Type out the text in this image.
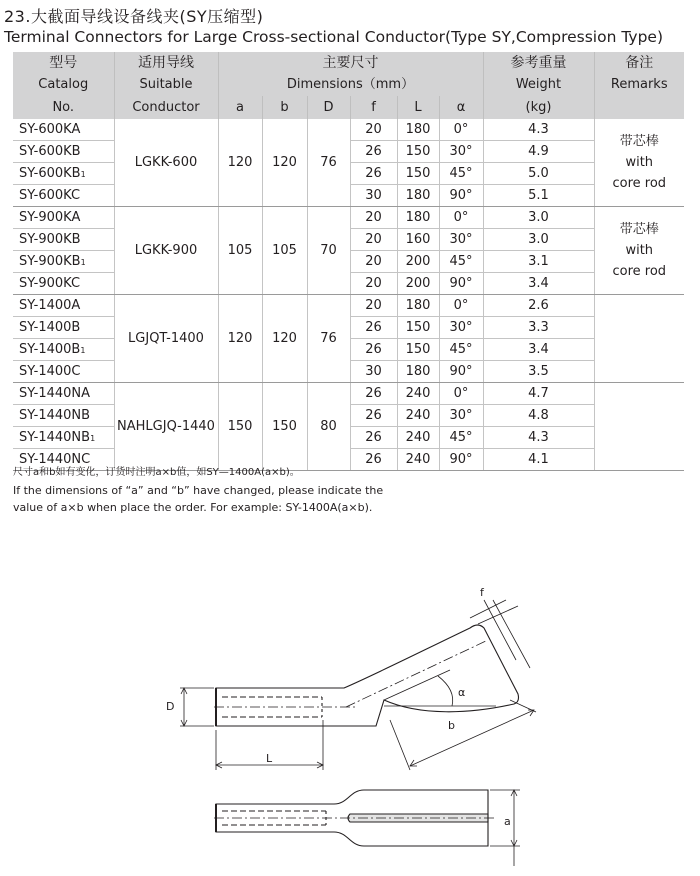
23.大截面导线设备线夹(SY压缩型)
Terminal Connectors for Large Cross-sectional Conductor(Type SY,Compression Type)
型号	适用导线	主要尺寸						参考重量	备注
Catalog	Suitable	Dimensions（mm）						Weight	Remarks
No.	Conductor	a	b	D	f	L	α	(kg)	
SY-600KA	LGKK-600	120	120	76	20	180	0°	4.3	带芯棒
with
core rod

SY-600KB					26	150	30°	4.9	
SY-600KB1					26	150	45°	5.0	
SY-600KC					30	180	90°	5.1	
SY-900KA	LGKK-900	105	105	70	20	180	0°	3.0	带芯棒
with
core rod

SY-900KB					20	160	30°	3.0	
SY-900KB1					20	200	45°	3.1	
SY-900KC					20	200	90°	3.4	
SY-1400A	LGJQT-1400	120	120	76	20	180	0°	2.6	

SY-1400B					26	150	30°	3.3	
SY-1400B1					26	150	45°	3.4	
SY-1400C					30	180	90°	3.5	
SY-1440NA	NAHLGJQ-1440	150	150	80	26	240	0°	4.7	

SY-1440NB					26	240	30°	4.8	
SY-1440NB1					26	240	45°	4.3	
SY-1440NC					26	240	90°	4.1	
尺寸a和b如有变化，订货时注明a×b值，如SY—1400A(a×b)。
If the dimensions of “a” and “b” have changed, please indicate the value of a×b when place the order. For example: SY-1400A(a×b).
f
α
b
D
L
a
